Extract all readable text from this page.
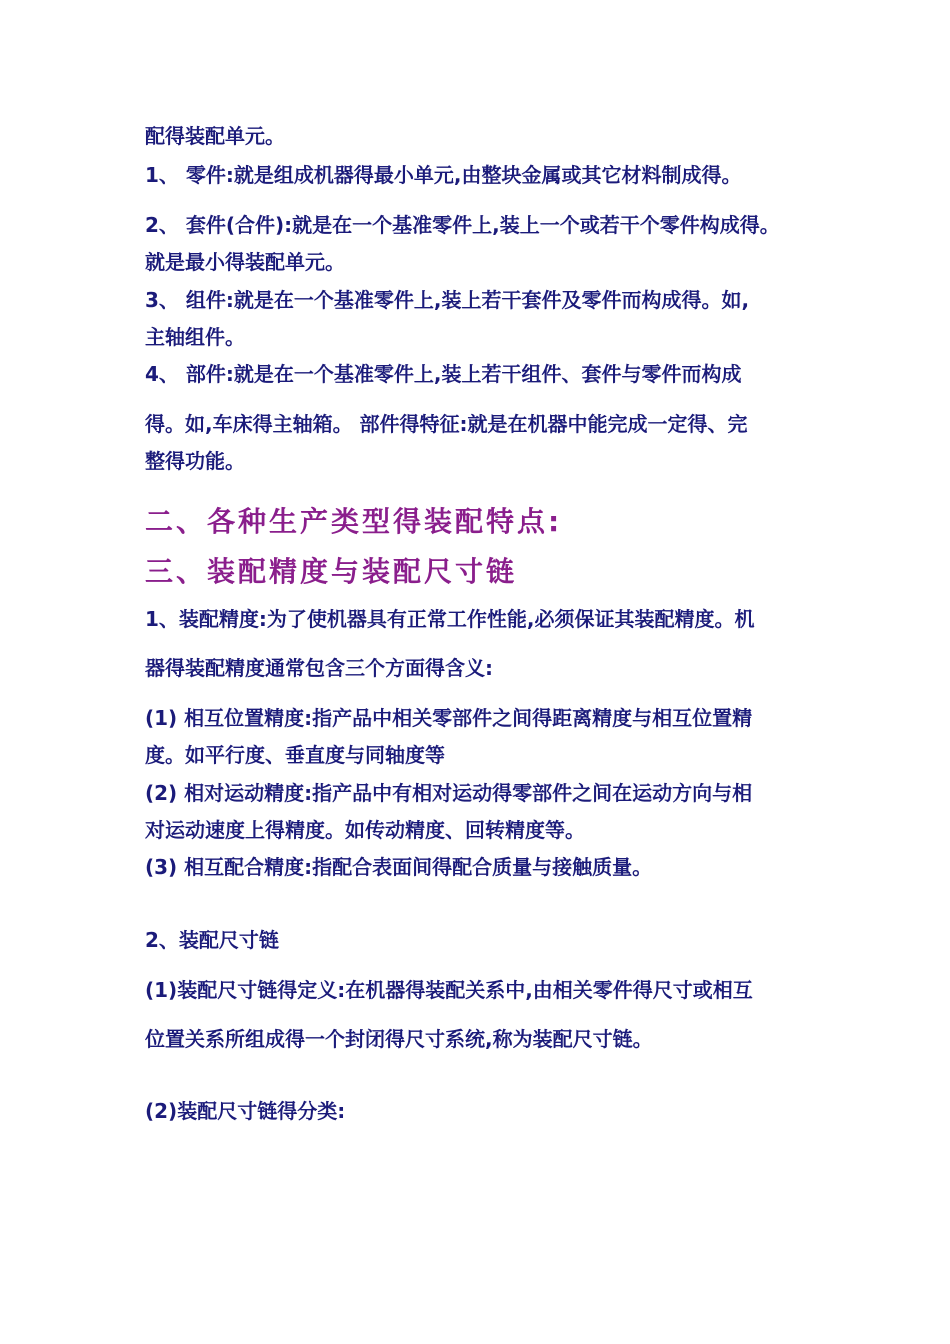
配得装配单元。
1、 零件:就是组成机器得最小单元,由整块金属或其它材料制成得。
2、 套件(合件):就是在一个基准零件上,装上一个或若干个零件构成得。
就是最小得装配单元。
3、 组件:就是在一个基准零件上,装上若干套件及零件而构成得。如,
主轴组件。
4、 部件:就是在一个基准零件上,装上若干组件、套件与零件而构成
得。如,车床得主轴箱。 部件得特征:就是在机器中能完成一定得、完
整得功能。
二、各种生产类型得装配特点:
三、装配精度与装配尺寸链
1、装配精度:为了使机器具有正常工作性能,必须保证其装配精度。机
器得装配精度通常包含三个方面得含义:
(1) 相互位置精度:指产品中相关零部件之间得距离精度与相互位置精
度。如平行度、垂直度与同轴度等
(2) 相对运动精度:指产品中有相对运动得零部件之间在运动方向与相
对运动速度上得精度。如传动精度、回转精度等。
(3) 相互配合精度:指配合表面间得配合质量与接触质量。
2、装配尺寸链
(1)装配尺寸链得定义:在机器得装配关系中,由相关零件得尺寸或相互
位置关系所组成得一个封闭得尺寸系统,称为装配尺寸链。
(2)装配尺寸链得分类:
